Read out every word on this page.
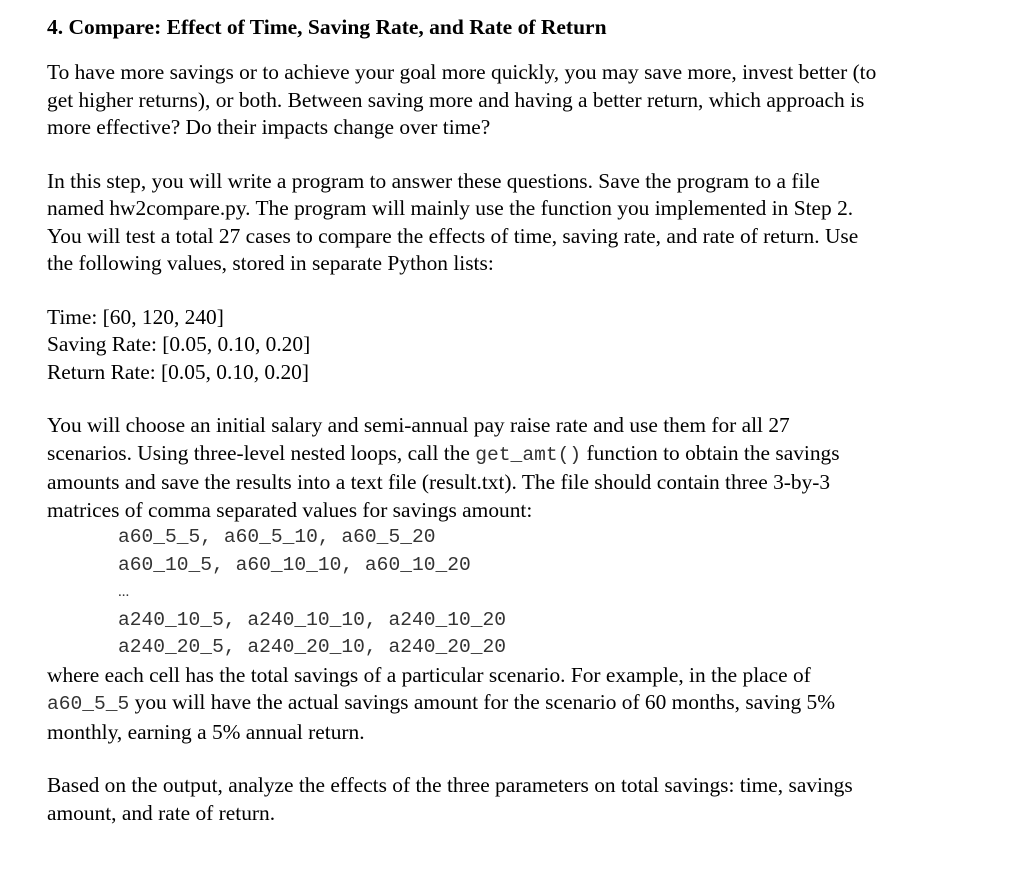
4. Compare: Effect of Time, Saving Rate, and Rate of Return
To have more savings or to achieve your goal more quickly, you may save more, invest better (to
get higher returns), or both. Between saving more and having a better return, which approach is
more effective? Do their impacts change over time?
In this step, you will write a program to answer these questions. Save the program to a file
named hw2compare.py. The program will mainly use the function you implemented in Step 2.
You will test a total 27 cases to compare the effects of time, saving rate, and rate of return. Use
the following values, stored in separate Python lists:
Time: [60, 120, 240]
Saving Rate: [0.05, 0.10, 0.20]
Return Rate: [0.05, 0.10, 0.20]
You will choose an initial salary and semi-annual pay raise rate and use them for all 27
scenarios. Using three-level nested loops, call the get_amt() function to obtain the savings
amounts and save the results into a text file (result.txt). The file should contain three 3-by-3
matrices of comma separated values for savings amount:
a60_5_5, a60_5_10, a60_5_20
a60_10_5, a60_10_10, a60_10_20
...
a240_10_5, a240_10_10, a240_10_20
a240_20_5, a240_20_10, a240_20_20
where each cell has the total savings of a particular scenario. For example, in the place of
a60_5_5 you will have the actual savings amount for the scenario of 60 months, saving 5%
monthly, earning a 5% annual return.
Based on the output, analyze the effects of the three parameters on total savings: time, savings
amount, and rate of return.
